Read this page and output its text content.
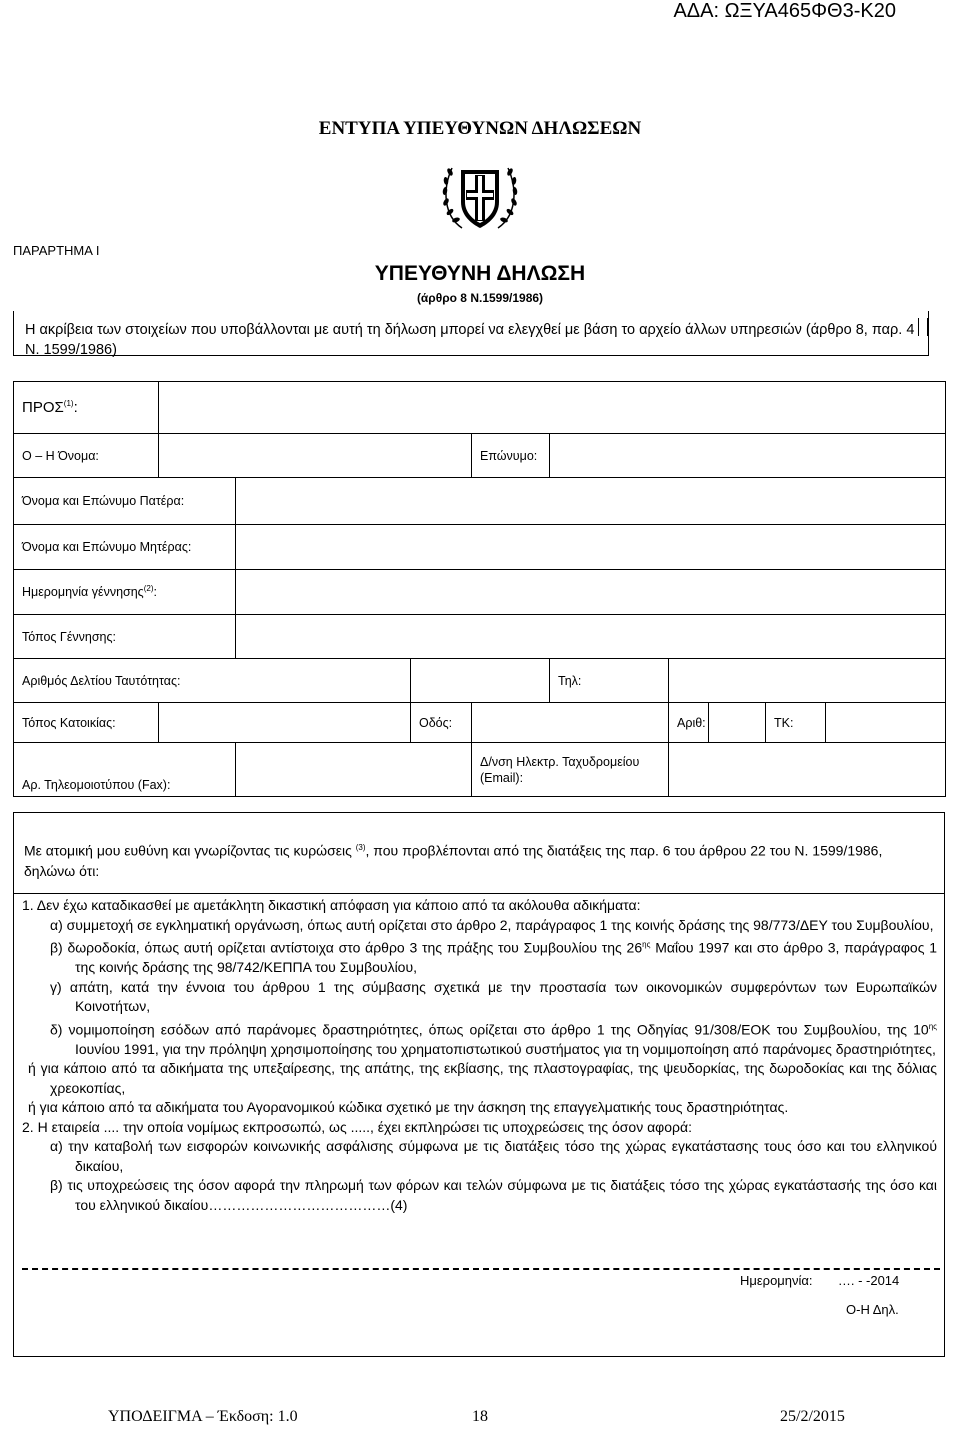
ΑΔΑ: ΩΞΥΑ465ΦΘ3-Κ20
ΕΝΤΥΠΑ ΥΠΕΥΘΥΝΩΝ ΔΗΛΩΣΕΩΝ
ΠΑΡΑΡΤΗΜΑ Ι
ΥΠΕΥΘΥΝΗ ΔΗΛΩΣΗ
(άρθρο 8 Ν.1599/1986)
Η ακρίβεια των στοιχείων που υποβάλλονται με αυτή τη δήλωση μπορεί να ελεγχθεί με βάση το αρχείο άλλων υπηρεσιών (άρθρο 8, παρ. 4 Ν. 1599/1986)
ΠΡΟΣ$^{(1)}$:									
Ο – Η Όνομα:				Επώνυμο:					
Όνομα και Επώνυμο Πατέρα:									
Όνομα και Επώνυμο Μητέρας:									
Ημερομηνία γέννησης$^{(2)}$:									
Τόπος Γέννησης:									
Αριθμός Δελτίου Ταυτότητας:					Τηλ:				
Τόπος Κατοικίας:			Οδός:			Αριθ:		ΤΚ:	
Αρ. Τηλεομοιοτύπου (Fax):				Δ/νση Ηλεκτρ. Ταχυδρομείου (Email):					
Με ατομική μου ευθύνη και γνωρίζοντας τις κυρώσεις $^{(3)}$, που προβλέπονται από της διατάξεις της παρ. 6 του άρθρου 22 του Ν. 1599/1986, δηλώνω ότι:
1. Δεν έχω καταδικασθεί με αμετάκλητη δικαστική απόφαση για κάποιο από τα ακόλουθα αδικήματα:
α) συμμετοχή σε εγκληματική οργάνωση, όπως αυτή ορίζεται στο άρθρο 2, παράγραφος 1 της κοινής δράσης της 98/773/ΔΕΥ του Συμβουλίου,
β) δωροδοκία, όπως αυτή ορίζεται αντίστοιχα στο άρθρο 3 της πράξης του Συμβουλίου της $26^{\eta\varsigma}$ Μαΐου 1997 και στο άρθρο 3, παράγραφος 1 της κοινής δράσης της 98/742/ΚΕΠΠΑ του Συμβουλίου,
γ) απάτη, κατά την έννοια του άρθρου 1 της σύμβασης σχετικά με την προστασία των οικονομικών συμφερόντων των Ευρωπαϊκών Κοινοτήτων,
δ) νομιμοποίηση εσόδων από παράνομες δραστηριότητες, όπως ορίζεται στο άρθρο 1 της Οδηγίας 91/308/ΕΟΚ του Συμβουλίου, της $10^{\eta\varsigma}$ Ιουνίου 1991, για την πρόληψη χρησιμοποίησης του χρηματοπιστωτικού συστήματος για τη νομιμοποίηση από παράνομες δραστηριότητες,
ή για κάποιο από τα αδικήματα της υπεξαίρεσης, της απάτης, της εκβίασης, της πλαστογραφίας, της ψευδορκίας, της δωροδοκίας και της δόλιας χρεοκοπίας,
ή για κάποιο από τα αδικήματα του Αγορανομικού κώδικα σχετικό με την άσκηση της επαγγελματικής τους δραστηριότητας.
2. Η εταιρεία .... την οποία νομίμως εκπροσωπώ, ως ....., έχει εκπληρώσει τις υποχρεώσεις της όσον αφορά:
α) την καταβολή των εισφορών κοινωνικής ασφάλισης σύμφωνα με τις διατάξεις τόσο της χώρας εγκατάστασης τους όσο και του ελληνικού δικαίου,
β) τις υποχρεώσεις της όσον αφορά την πληρωμή των φόρων και τελών σύμφωνα με τις διατάξεις τόσο της χώρας εγκατάστασής της όσο και του ελληνικού δικαίου…………………………………(4)
Ημερομηνία: …. - -2014
Ο-Η Δηλ.
ΥΠΟΔΕΙΓΜΑ – Έκδοση: 1.0	18	25/2/2015
